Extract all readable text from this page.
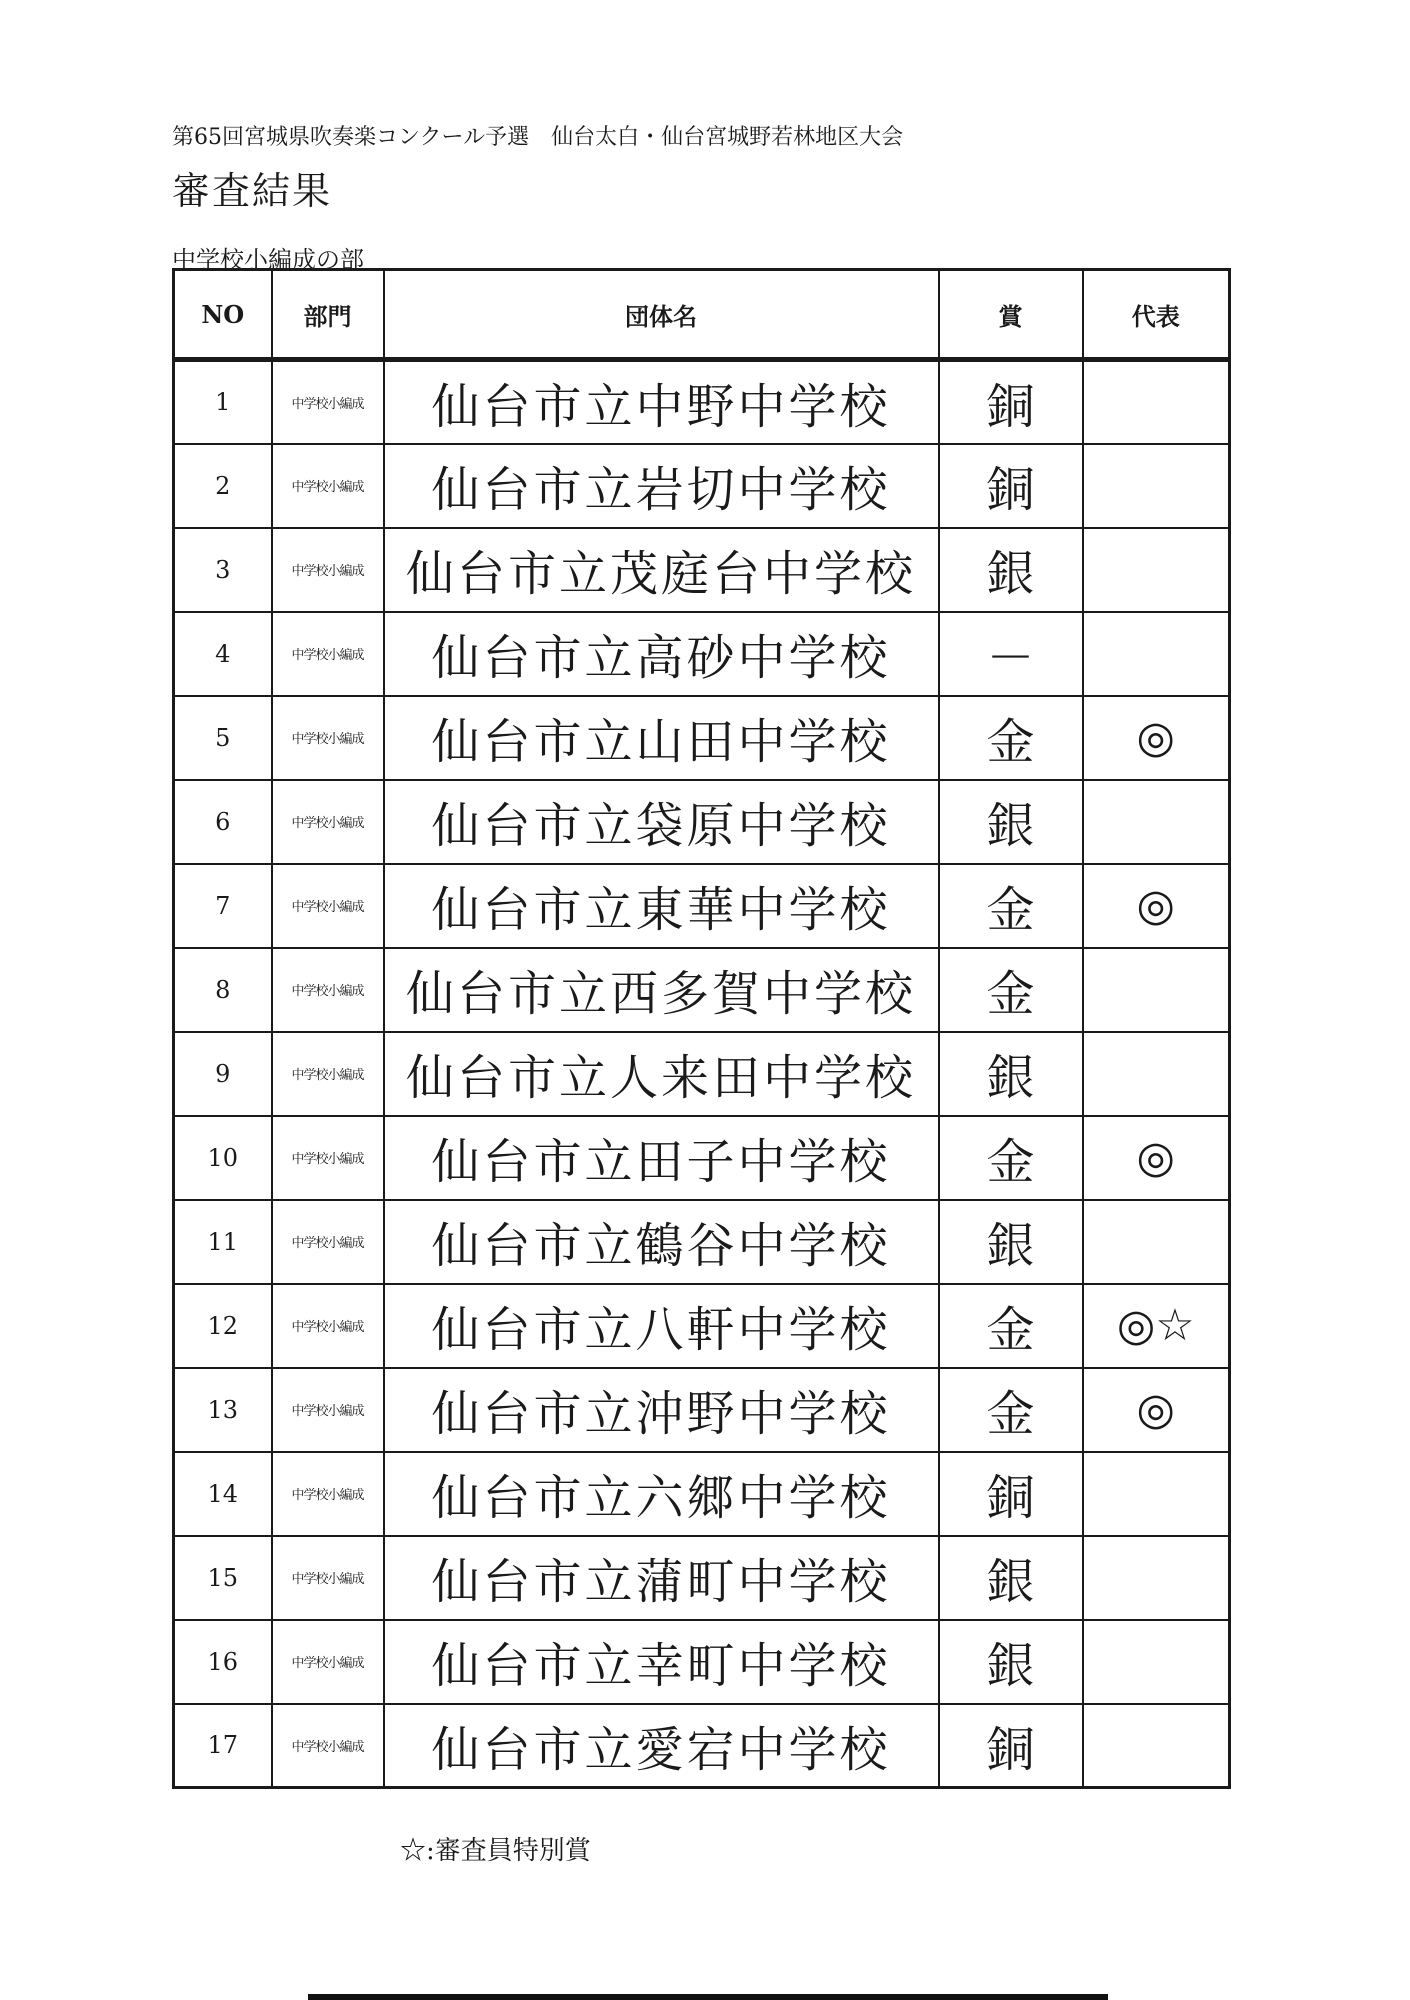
第65回宮城県吹奏楽コンクール予選　仙台太白・仙台宮城野若林地区大会
審査結果
中学校小編成の部
NO	部門	団体名	賞	代表
1	中学校小編成	仙台市立中野中学校	銅	
2	中学校小編成	仙台市立岩切中学校	銅	
3	中学校小編成	仙台市立茂庭台中学校	銀	
4	中学校小編成	仙台市立高砂中学校	－	
5	中学校小編成	仙台市立山田中学校	金	◎
6	中学校小編成	仙台市立袋原中学校	銀	
7	中学校小編成	仙台市立東華中学校	金	◎
8	中学校小編成	仙台市立西多賀中学校	金	
9	中学校小編成	仙台市立人来田中学校	銀	
10	中学校小編成	仙台市立田子中学校	金	◎
11	中学校小編成	仙台市立鶴谷中学校	銀	
12	中学校小編成	仙台市立八軒中学校	金	◎☆
13	中学校小編成	仙台市立沖野中学校	金	◎
14	中学校小編成	仙台市立六郷中学校	銅	
15	中学校小編成	仙台市立蒲町中学校	銀	
16	中学校小編成	仙台市立幸町中学校	銀	
17	中学校小編成	仙台市立愛宕中学校	銅	
☆:審査員特別賞
